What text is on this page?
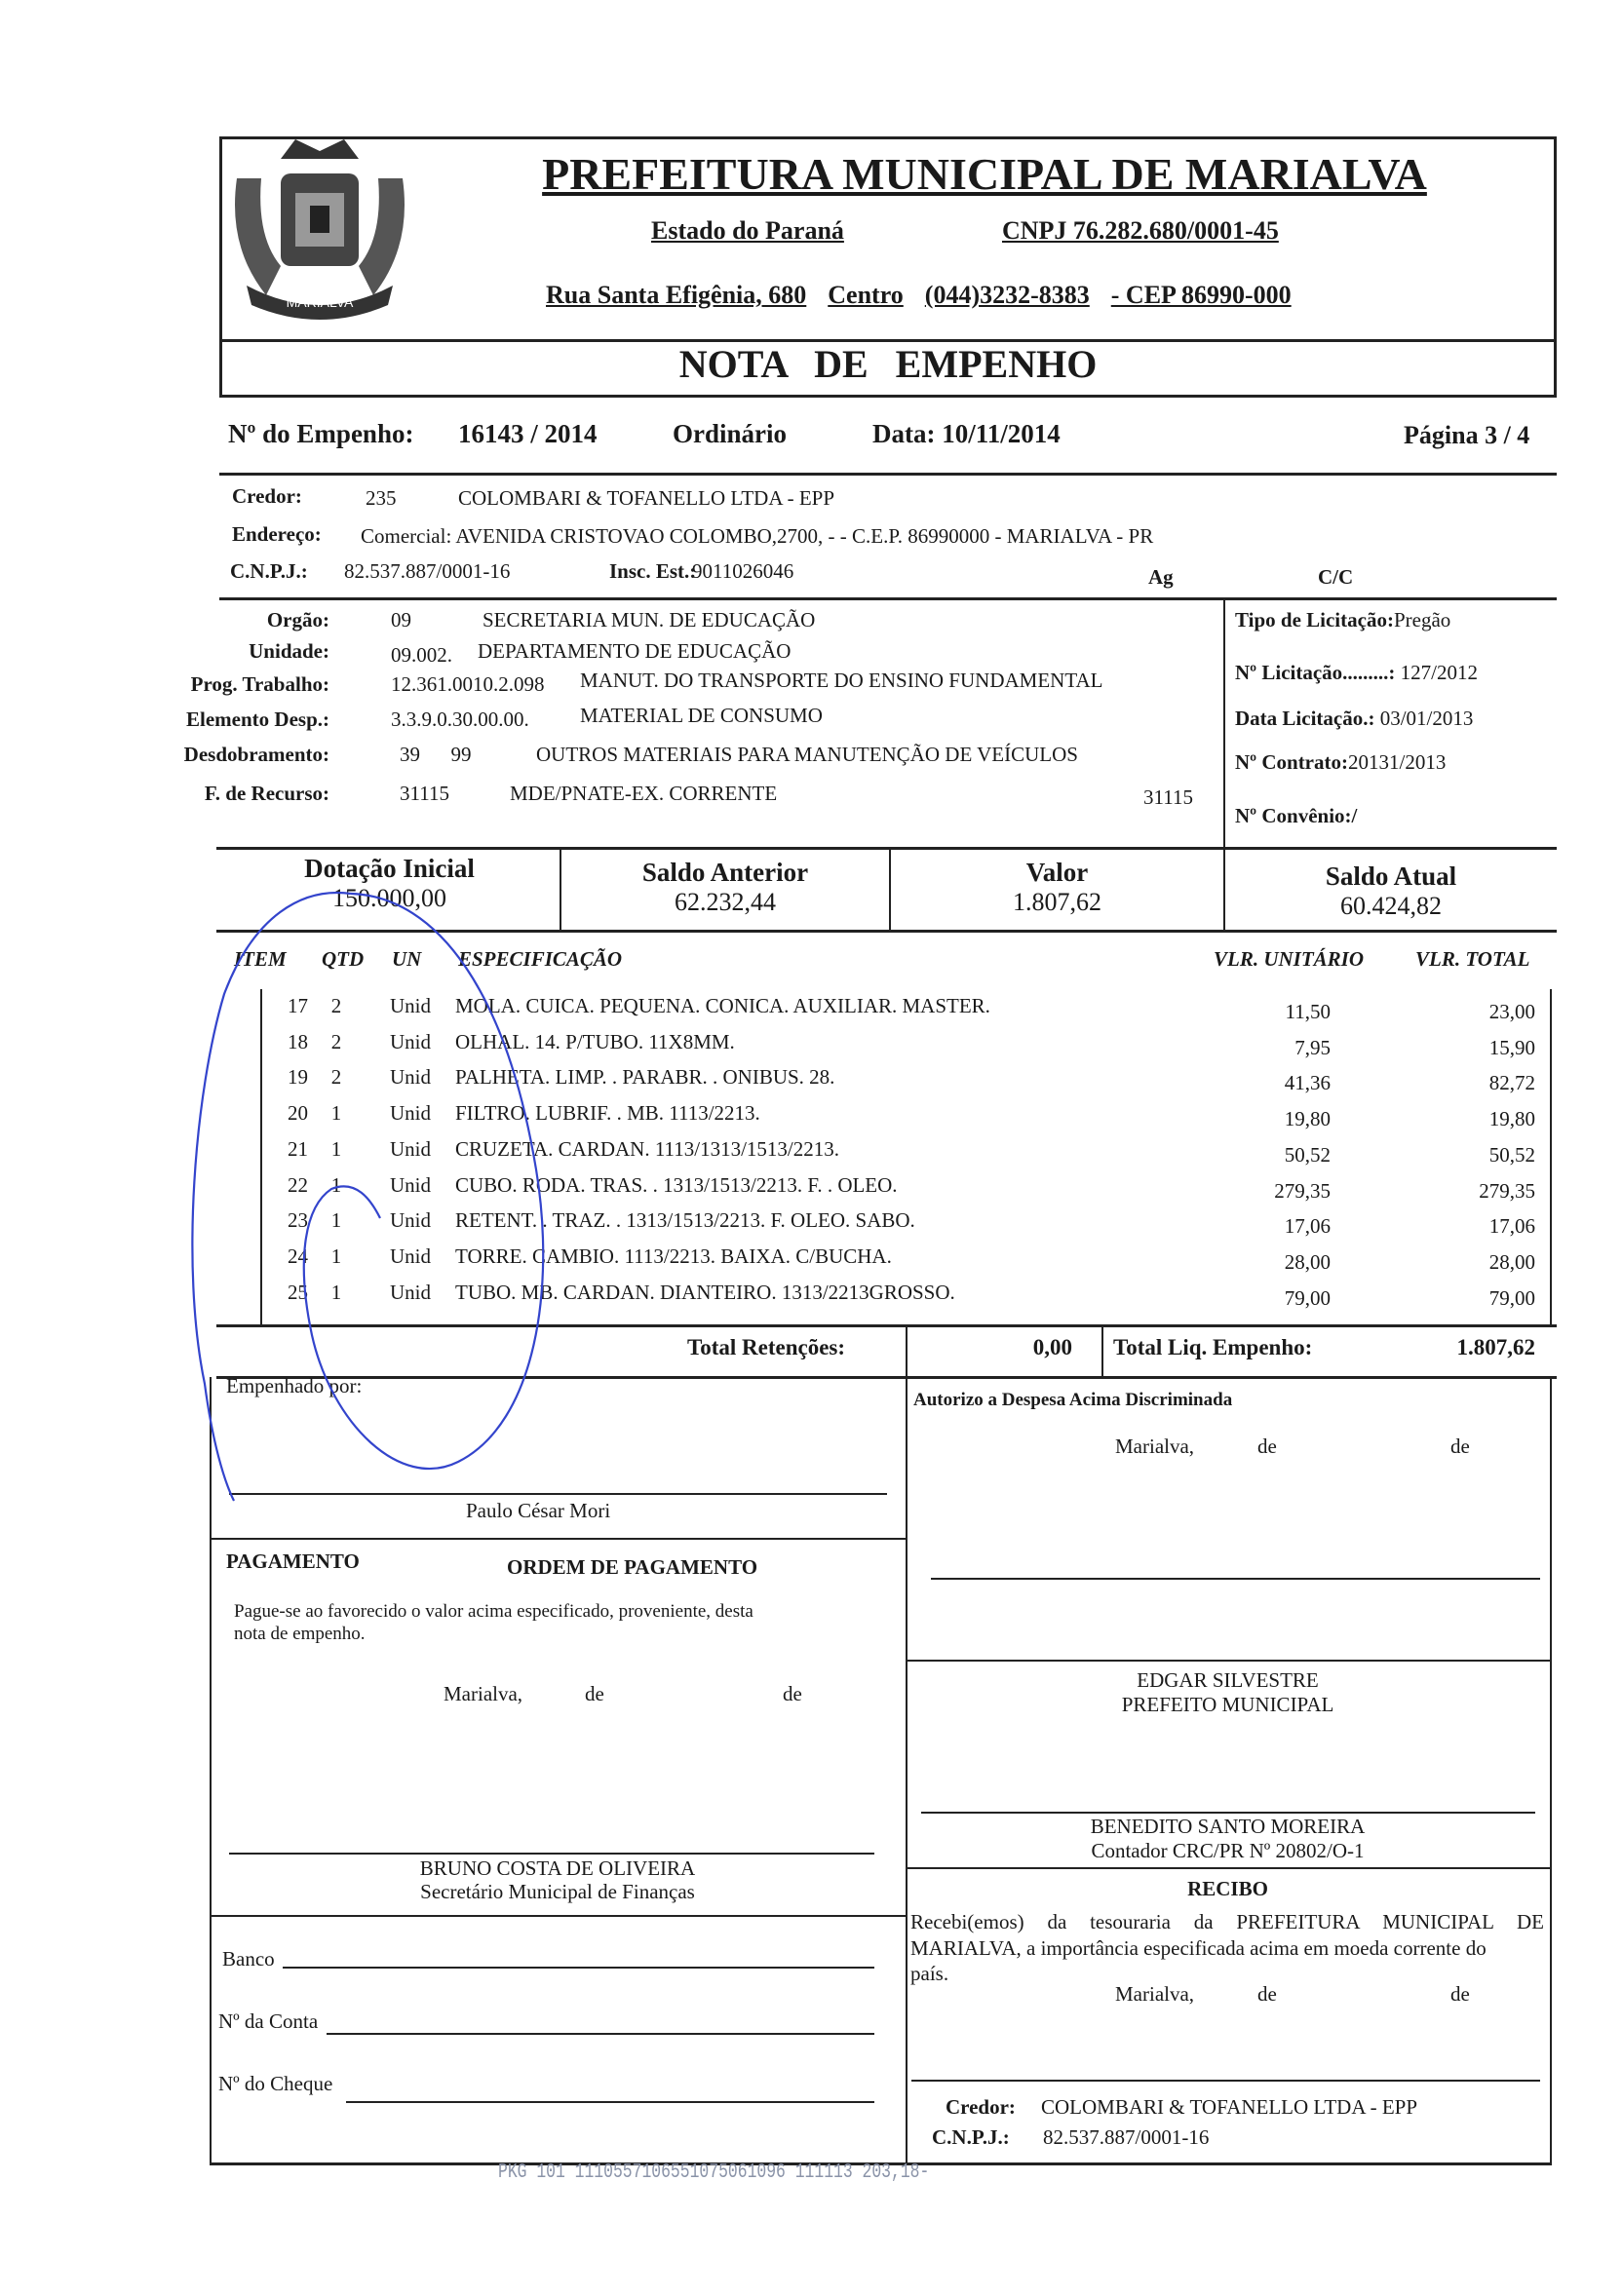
MARIALVA
PREFEITURA MUNICIPAL DE MARIALVA
Estado do Paraná	CNPJ 76.282.680/0001-45
Rua Santa Efigênia, 680 Centro (044)3232-8383 - CEP 86990-000
NOTA DE EMPENHO
Nº do Empenho: 16143 / 2014	Ordinário	Data: 10/11/2014	Página 3 / 4
Credor:	235	COLOMBARI & TOFANELLO LTDA - EPP
Endereço: Comercial: AVENIDA CRISTOVAO COLOMBO,2700, - - C.E.P. 86990000 - MARIALVA - PR
C.N.P.J.: 82.537.887/0001-16	Insc. Est.:
9011026046	Ag	C/C
Orgão:	09	SECRETARIA MUN. DE EDUCAÇÃO
Unidade:	09.002. DEPARTAMENTO DE EDUCAÇÃO
Prog. Trabalho:	12.361.0010.2.098 MANUT. DO TRANSPORTE DO ENSINO FUNDAMENTAL
Elemento Desp.:	3.3.9.0.30.00.00. MATERIAL DE CONSUMO
Desdobramento:	39      99	OUTROS MATERIAIS PARA MANUTENÇÃO DE VEÍCULOS
F. de Recurso:	31115	MDE/PNATE-EX. CORRENTE	31115
Tipo de Licitação:Pregão
Nº Licitação.........: 127/2012
Data Licitação.: 03/01/2013
Nº Contrato:20131/2013
Nº Convênio:/
Dotação Inicial
150.000,00
Saldo Anterior
62.232,44
Valor
1.807,62
Saldo Atual
60.424,82
ITEM QTD UN ESPECIFICAÇÃO	VLR. UNITÁRIO	VLR. TOTAL
17 2 Unid MOLA. CUICA. PEQUENA. CONICA. AUXILIAR. MASTER.	11,50	23,00
18 2 Unid OLHAL. 14. P/TUBO. 11X8MM.	7,95	15,90
19 2 Unid PALHETA. LIMP. . PARABR. . ONIBUS. 28.	41,36	82,72
20 1 Unid FILTRO. LUBRIF. . MB. 1113/2213.	19,80	19,80
21 1 Unid CRUZETA. CARDAN. 1113/1313/1513/2213.	50,52	50,52
22 1 Unid CUBO. RODA. TRAS. . 1313/1513/2213. F. . OLEO.	279,35	279,35
23 1 Unid RETENT. . TRAZ. . 1313/1513/2213. F. OLEO. SABO.	17,06	17,06
24 1 Unid TORRE. CAMBIO. 1113/2213. BAIXA. C/BUCHA.	28,00	28,00
25 1 Unid TUBO. MB. CARDAN. DIANTEIRO. 1313/2213GROSSO.	79,00	79,00
Total Retenções:	0,00 Total Liq. Empenho:	1.807,62
Empenhado por:
Paulo César Mori
PAGAMENTO	ORDEM DE PAGAMENTO
Pague-se ao favorecido o valor acima especificado, proveniente, desta
nota de empenho.
Marialva,	de	de
BRUNO COSTA DE OLIVEIRA
Secretário Municipal de Finanças
Banco
Nº da Conta
Nº do Cheque
Autorizo a Despesa Acima Discriminada
Marialva,	de	de
EDGAR SILVESTRE
PREFEITO MUNICIPAL
BENEDITO SANTO MOREIRA
Contador CRC/PR Nº 20802/O-1
RECIBO
Recebi(emos) da tesouraria da PREFEITURA MUNICIPAL DE
MARIALVA, a importância especificada acima em moeda corrente do
país.
Marialva,	de	de
Credor: COLOMBARI & TOFANELLO LTDA - EPP
C.N.P.J.: 82.537.887/0001-16
PKG 101 1110557106551075061096 111113 203,18-
